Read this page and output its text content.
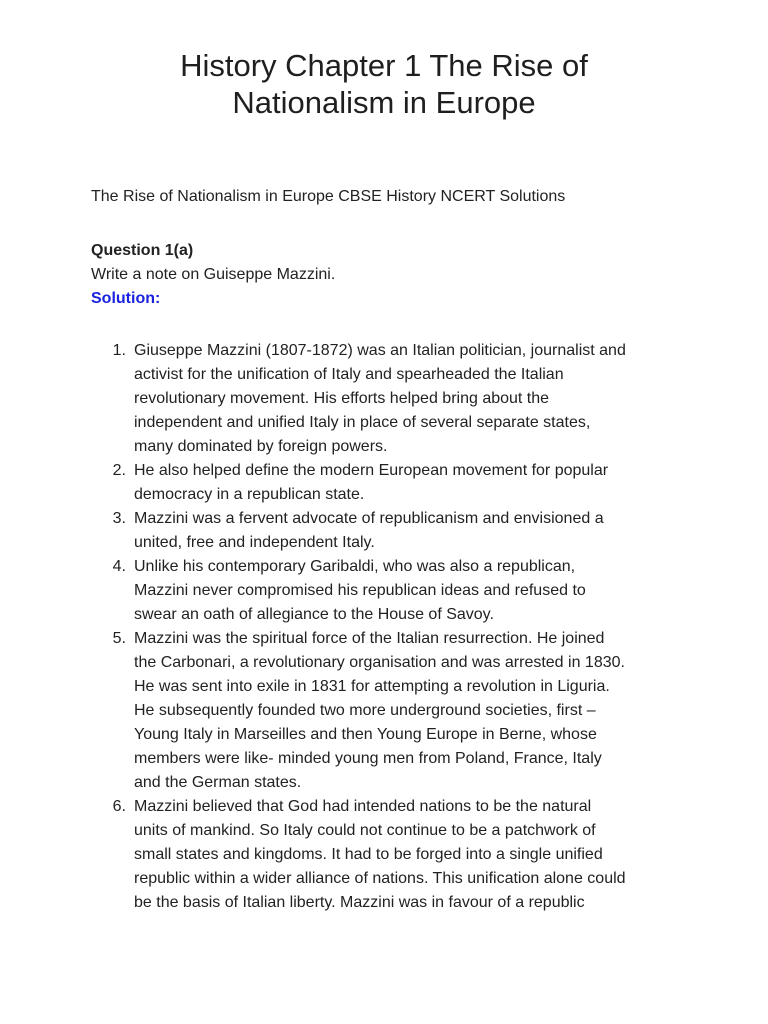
History Chapter 1 The Rise of
Nationalism in Europe

The Rise of Nationalism in Europe CBSE History NCERT Solutions

Question 1(a)
Write a note on Guiseppe Mazzini.
Solution:
1. Giuseppe Mazzini (1807-1872) was an Italian politician, journalist and
activist for the unification of Italy and spearheaded the Italian
revolutionary movement. His efforts helped bring about the
independent and unified Italy in place of several separate states,
many dominated by foreign powers.
2. He also helped define the modern European movement for popular
democracy in a republican state.
3. Mazzini was a fervent advocate of republicanism and envisioned a
united, free and independent Italy.
4. Unlike his contemporary Garibaldi, who was also a republican,
Mazzini never compromised his republican ideas and refused to
swear an oath of allegiance to the House of Savoy.
5. Mazzini was the spiritual force of the Italian resurrection. He joined
the Carbonari, a revolutionary organisation and was arrested in 1830.
He was sent into exile in 1831 for attempting a revolution in Liguria.
He subsequently founded two more underground societies, first –
Young Italy in Marseilles and then Young Europe in Berne, whose
members were like- minded young men from Poland, France, Italy
and the German states.
6. Mazzini believed that God had intended nations to be the natural
units of mankind. So Italy could not continue to be a patchwork of
small states and kingdoms. It had to be forged into a single unified
republic within a wider alliance of nations. This unification alone could
be the basis of Italian liberty. Mazzini was in favour of a republic
